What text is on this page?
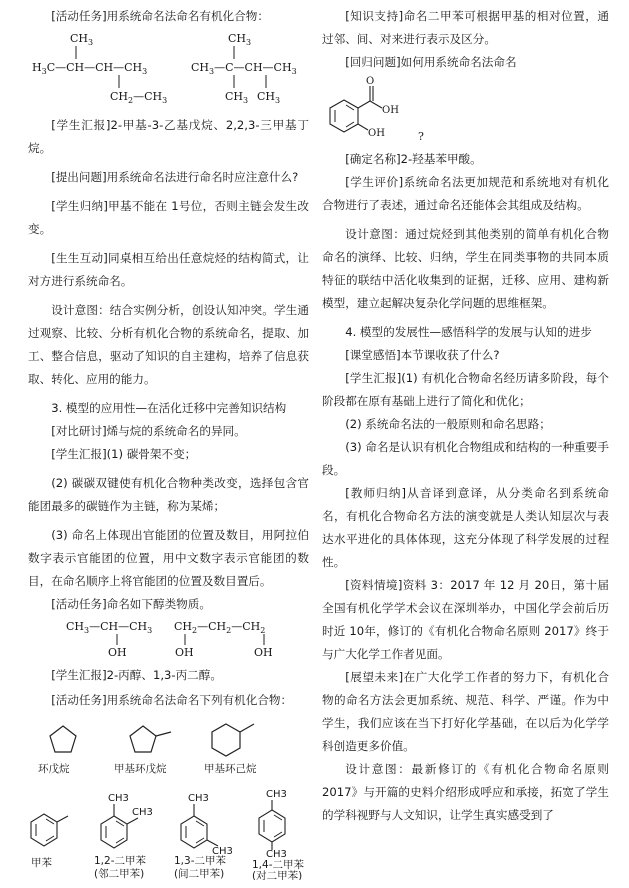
[活动任务]用系统命名法命名有机化合物：

$CH_3$
$H_3C—CH—CH—CH_3$
$CH_2—CH_3$
$CH_3$
$CH_3—C—CH—CH_3$
$CH_3$ $CH_3$

[学生汇报]2-甲基-3-乙基戊烷、2,2,3-三甲基丁烷。

[提出问题]用系统命名法进行命名时应注意什么?

[学生归纳]甲基不能在 1号位，否则主链会发生改变。

[生生互动]同桌相互给出任意烷烃的结构简式，让对方进行系统命名。

设计意图：结合实例分析，创设认知冲突。学生通过观察、比较、分析有机化合物的系统命名，提取、加工、整合信息，驱动了知识的自主建构，培养了信息获取、转化、应用的能力。

3. 模型的应用性—在活化迁移中完善知识结构

[对比研讨]烯与烷的系统命名的异同。

[学生汇报](1) 碳骨架不变；

(2) 碳碳双键使有机化合物种类改变，选择包含官能团最多的碳链作为主链，称为某烯；

(3) 命名上体现出官能团的位置及数目，用阿拉伯数字表示官能团的位置，用中文数字表示官能团的数目，在命名顺序上将官能团的位置及数目置后。

[活动任务]命名如下醇类物质。

$CH_3—CH—CH_3$
OH
$CH_2—CH_2—CH_2$
OH	OH

[学生汇报]2-丙醇、1,3-丙二醇。

[活动任务]用系统命名法命名下列有机化合物：

环戊烷	甲基环戊烷	甲基环己烷
甲苯
CH3
CH3
1,2-二甲苯
(邻二甲苯)
CH3
CH3
1,3-二甲苯
(间二甲苯)
CH3
CH3
1,4-二甲苯
(对二甲苯)

[知识支持]命名二甲苯可根据甲基的相对位置，通过邻、间、对来进行表示及区分。

[回归问题]如何用系统命名法命名

O
OH
OH	?

[确定名称]2-羟基苯甲酸。

[学生评价]系统命名法更加规范和系统地对有机化合物进行了表述，通过命名还能体会其组成及结构。

设计意图：通过烷烃到其他类别的简单有机化合物命名的演绎、比较、归纳，学生在同类事物的共同本质特征的联结中活化收集到的证据，迁移、应用、建构新模型，建立起解决复杂化学问题的思维框架。

4. 模型的发展性—感悟科学的发展与认知的进步

[课堂感悟]本节课收获了什么?

[学生汇报](1) 有机化合物命名经历请多阶段，每个阶段都在原有基础上进行了简化和优化；

(2) 系统命名法的一般原则和命名思路；

(3) 命名是认识有机化合物组成和结构的一种重要手段。

[教师归纳]从音译到意译，从分类命名到系统命名，有机化合物命名方法的演变就是人类认知层次与表达水平进化的具体体现，这充分体现了科学发展的过程性。

[资料情境]资料 3：2017 年 12 月 20日，第十届全国有机化学学术会议在深圳举办，中国化学会前后历时近 10年，修订的《有机化合物命名原则 2017》终于与广大化学工作者见面。

[展望未来]在广大化学工作者的努力下，有机化合物的命名方法会更加系统、规范、科学、严谨。作为中学生，我们应该在当下打好化学基础，在以后为化学学科创造更多价值。

设计意图：最新修订的《有机化合物命名原则 2017》与开篇的史料介绍形成呼应和承接，拓宽了学生的学科视野与人文知识，让学生真实感受到了
